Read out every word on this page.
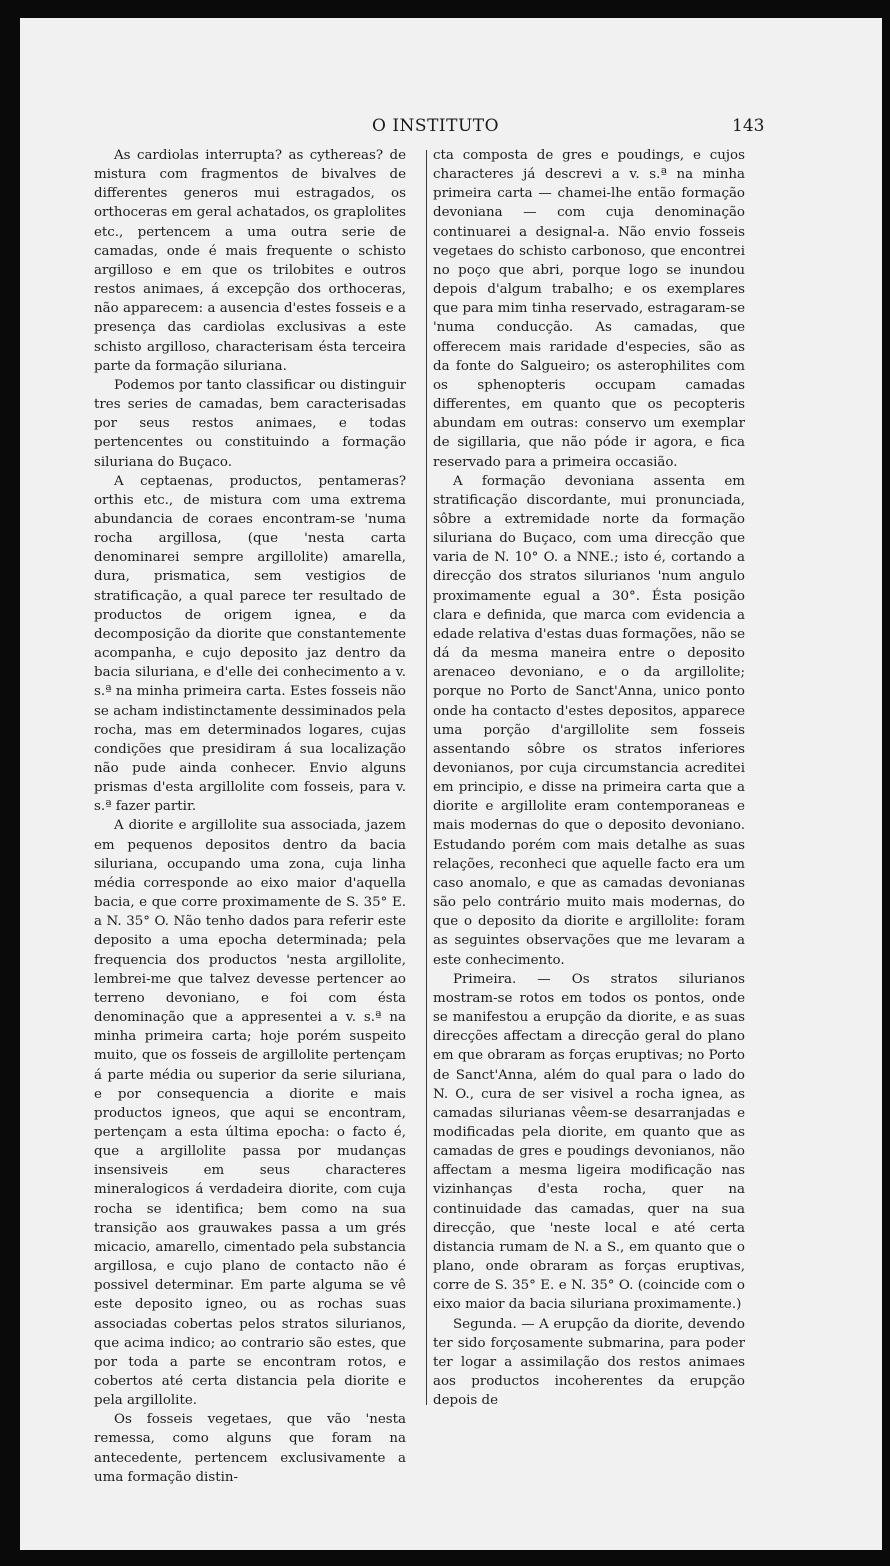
O INSTITUTO	143

As cardiolas interrupta? as cythereas? de mistura com fragmentos de bivalves de differentes generos mui estragados, os orthoceras em geral achatados, os graplolites etc., pertencem a uma outra serie de camadas, onde é mais frequente o schisto argilloso e em que os trilobites e outros restos animaes, á excepção dos orthoceras, não apparecem: a ausencia d'estes fosseis e a presença das cardiolas exclusivas a este schisto argilloso, characterisam ésta terceira parte da formação siluriana.

Podemos por tanto classificar ou distinguir tres series de camadas, bem caracterisadas por seus restos animaes, e todas pertencentes ou constituindo a formação siluriana do Buçaco.

A ceptaenas, productos, pentameras? orthis etc., de mistura com uma extrema abundancia de coraes encontram-se 'numa rocha argillosa, (que 'nesta carta denominarei sempre argillolite) amarella, dura, prismatica, sem vestigios de stratificação, a qual parece ter resultado de productos de origem ignea, e da decomposição da diorite que constantemente acompanha, e cujo deposito jaz dentro da bacia siluriana, e d'elle dei conhecimento a v. s.ª na minha primeira carta. Estes fosseis não se acham indistinctamente dessiminados pela rocha, mas em determinados logares, cujas condições que presidiram á sua localização não pude ainda conhecer. Envio alguns prismas d'esta argillolite com fosseis, para v. s.ª fazer partir.

A diorite e argillolite sua associada, jazem em pequenos depositos dentro da bacia siluriana, occupando uma zona, cuja linha média corresponde ao eixo maior d'aquella bacia, e que corre proximamente de S. 35° E. a N. 35° O. Não tenho dados para referir este deposito a uma epocha determinada; pela frequencia dos productos 'nesta argillolite, lembrei-me que talvez devesse pertencer ao terreno devoniano, e foi com ésta denominação que a appresentei a v. s.ª na minha primeira carta; hoje porém suspeito muito, que os fosseis de argillolite pertençam á parte média ou superior da serie siluriana, e por consequencia a diorite e mais productos igneos, que aqui se encontram, pertençam a esta última epocha: o facto é, que a argillolite passa por mudanças insensiveis em seus characteres mineralogicos á verdadeira diorite, com cuja rocha se identifica; bem como na sua transição aos grauwakes passa a um grés micacio, amarello, cimentado pela substancia argillosa, e cujo plano de contacto não é possivel determinar. Em parte alguma se vê este deposito igneo, ou as rochas suas associadas cobertas pelos stratos silurianos, que acima indico; ao contrario são estes, que por toda a parte se encontram rotos, e cobertos até certa distancia pela diorite e pela argillolite.

Os fosseis vegetaes, que vão 'nesta remessa, como alguns que foram na antecedente, pertencem exclusivamente a uma formação distin-

cta composta de gres e poudings, e cujos characteres já descrevi a v. s.ª na minha primeira carta — chamei-lhe então formação devoniana — com cuja denominação continuarei a designal-a. Não envio fosseis vegetaes do schisto carbonoso, que encontrei no poço que abri, porque logo se inundou depois d'algum trabalho; e os exemplares que para mim tinha reservado, estragaram-se 'numa conducção. As camadas, que offerecem mais raridade d'especies, são as da fonte do Salgueiro; os asterophilites com os sphenopteris occupam camadas differentes, em quanto que os pecopteris abundam em outras: conservo um exemplar de sigillaria, que não póde ir agora, e fica reservado para a primeira occasião.

A formação devoniana assenta em stratificação discordante, mui pronunciada, sôbre a extremidade norte da formação siluriana do Buçaco, com uma direcção que varia de N. 10° O. a NNE.; isto é, cortando a direcção dos stratos silurianos 'num angulo proximamente egual a 30°. Ésta posição clara e definida, que marca com evidencia a edade relativa d'estas duas formações, não se dá da mesma maneira entre o deposito arenaceo devoniano, e o da argillolite; porque no Porto de Sanct'Anna, unico ponto onde ha contacto d'estes depositos, apparece uma porção d'argillolite sem fosseis assentando sôbre os stratos inferiores devonianos, por cuja circumstancia acreditei em principio, e disse na primeira carta que a diorite e argillolite eram contemporaneas e mais modernas do que o deposito devoniano. Estudando porém com mais detalhe as suas relações, reconheci que aquelle facto era um caso anomalo, e que as camadas devonianas são pelo contrário muito mais modernas, do que o deposito da diorite e argillolite: foram as seguintes observações que me levaram a este conhecimento.

Primeira. — Os stratos silurianos mostram-se rotos em todos os pontos, onde se manifestou a erupção da diorite, e as suas direcções affectam a direcção geral do plano em que obraram as forças eruptivas; no Porto de Sanct'Anna, além do qual para o lado do N. O., cura de ser visivel a rocha ignea, as camadas silurianas vêem-se desarranjadas e modificadas pela diorite, em quanto que as camadas de gres e poudings devonianos, não affectam a mesma ligeira modificação nas vizinhanças d'esta rocha, quer na continuidade das camadas, quer na sua direcção, que 'neste local e até certa distancia rumam de N. a S., em quanto que o plano, onde obraram as forças eruptivas, corre de S. 35° E. e N. 35° O. (coincide com o eixo maior da bacia siluriana proximamente.)

Segunda. — A erupção da diorite, devendo ter sido forçosamente submarina, para poder ter logar a assimilação dos restos animaes aos productos incoherentes da erupção depois de
